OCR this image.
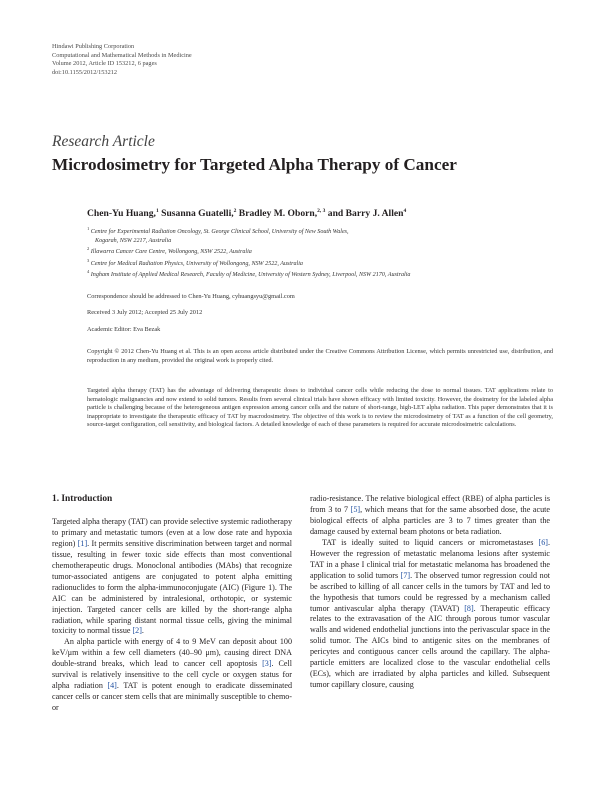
Hindawi Publishing Corporation
Computational and Mathematical Methods in Medicine
Volume 2012, Article ID 153212, 6 pages
doi:10.1155/2012/153212
Research Article
Microdosimetry for Targeted Alpha Therapy of Cancer
Chen-Yu Huang,$^1$ Susanna Guatelli,$^2$ Bradley M. Oborn,$^{2, 3}$ and Barry J. Allen$^4$
$^1$ Centre for Experimental Radiation Oncology, St. George Clinical School, University of New South Wales,
Kogarah, NSW 2217, Australia
$^2$ Illawarra Cancer Care Centre, Wollongong, NSW 2522, Australia
$^3$ Centre for Medical Radiation Physics, University of Wollongong, NSW 2522, Australia
$^4$ Ingham Institute of Applied Medical Research, Faculty of Medicine, University of Western Sydney, Liverpool, NSW 2170, Australia
Correspondence should be addressed to Chen-Yu Huang, cyhuangsyu@gmail.com
Received 3 July 2012; Accepted 25 July 2012
Academic Editor: Eva Bezak
Copyright © 2012 Chen-Yu Huang et al. This is an open access article distributed under the Creative Commons Attribution License, which permits unrestricted use, distribution, and reproduction in any medium, provided the original work is properly cited.
Targeted alpha therapy (TAT) has the advantage of delivering therapeutic doses to individual cancer cells while reducing the dose to normal tissues. TAT applications relate to hematologic malignancies and now extend to solid tumors. Results from several clinical trials have shown efficacy with limited toxicity. However, the dosimetry for the labeled alpha particle is challenging because of the heterogeneous antigen expression among cancer cells and the nature of short-range, high-LET alpha radiation. This paper demonstrates that it is inappropriate to investigate the therapeutic efficacy of TAT by macrodosimetry. The objective of this work is to review the microdosimetry of TAT as a function of the cell geometry, source-target configuration, cell sensitivity, and biological factors. A detailed knowledge of each of these parameters is required for accurate microdosimetric calculations.
1. Introduction
Targeted alpha therapy (TAT) can provide selective systemic radiotherapy to primary and metastatic tumors (even at a low dose rate and hypoxia region) [1]. It permits sensitive discrimination between target and normal tissue, resulting in fewer toxic side effects than most conventional chemotherapeutic drugs. Monoclonal antibodies (MAbs) that recognize tumor-associated antigens are conjugated to potent alpha emitting radionuclides to form the alpha-immunoconjugate (AIC) (Figure 1). The AIC can be administered by intralesional, orthotopic, or systemic injection. Targeted cancer cells are killed by the short-range alpha radiation, while sparing distant normal tissue cells, giving the minimal toxicity to normal tissue [2].
An alpha particle with energy of 4 to 9 MeV can deposit about 100 keV/μm within a few cell diameters (40–90 μm), causing direct DNA double-strand breaks, which lead to cancer cell apoptosis [3]. Cell survival is relatively insensitive to the cell cycle or oxygen status for alpha radiation [4]. TAT is potent enough to eradicate disseminated cancer cells or cancer stem cells that are minimally susceptible to chemo- or
radio-resistance. The relative biological effect (RBE) of alpha particles is from 3 to 7 [5], which means that for the same absorbed dose, the acute biological effects of alpha particles are 3 to 7 times greater than the damage caused by external beam photons or beta radiation.
TAT is ideally suited to liquid cancers or micrometastases [6]. However the regression of metastatic melanoma lesions after systemic TAT in a phase I clinical trial for metastatic melanoma has broadened the application to solid tumors [7]. The observed tumor regression could not be ascribed to killing of all cancer cells in the tumors by TAT and led to the hypothesis that tumors could be regressed by a mechanism called tumor antivascular alpha therapy (TAVAT) [8]. Therapeutic efficacy relates to the extravasation of the AIC through porous tumor vascular walls and widened endothelial junctions into the perivascular space in the solid tumor. The AICs bind to antigenic sites on the membranes of pericytes and contiguous cancer cells around the capillary. The alpha-particle emitters are localized close to the vascular endothelial cells (ECs), which are irradiated by alpha particles and killed. Subsequent tumor capillary closure, causing
